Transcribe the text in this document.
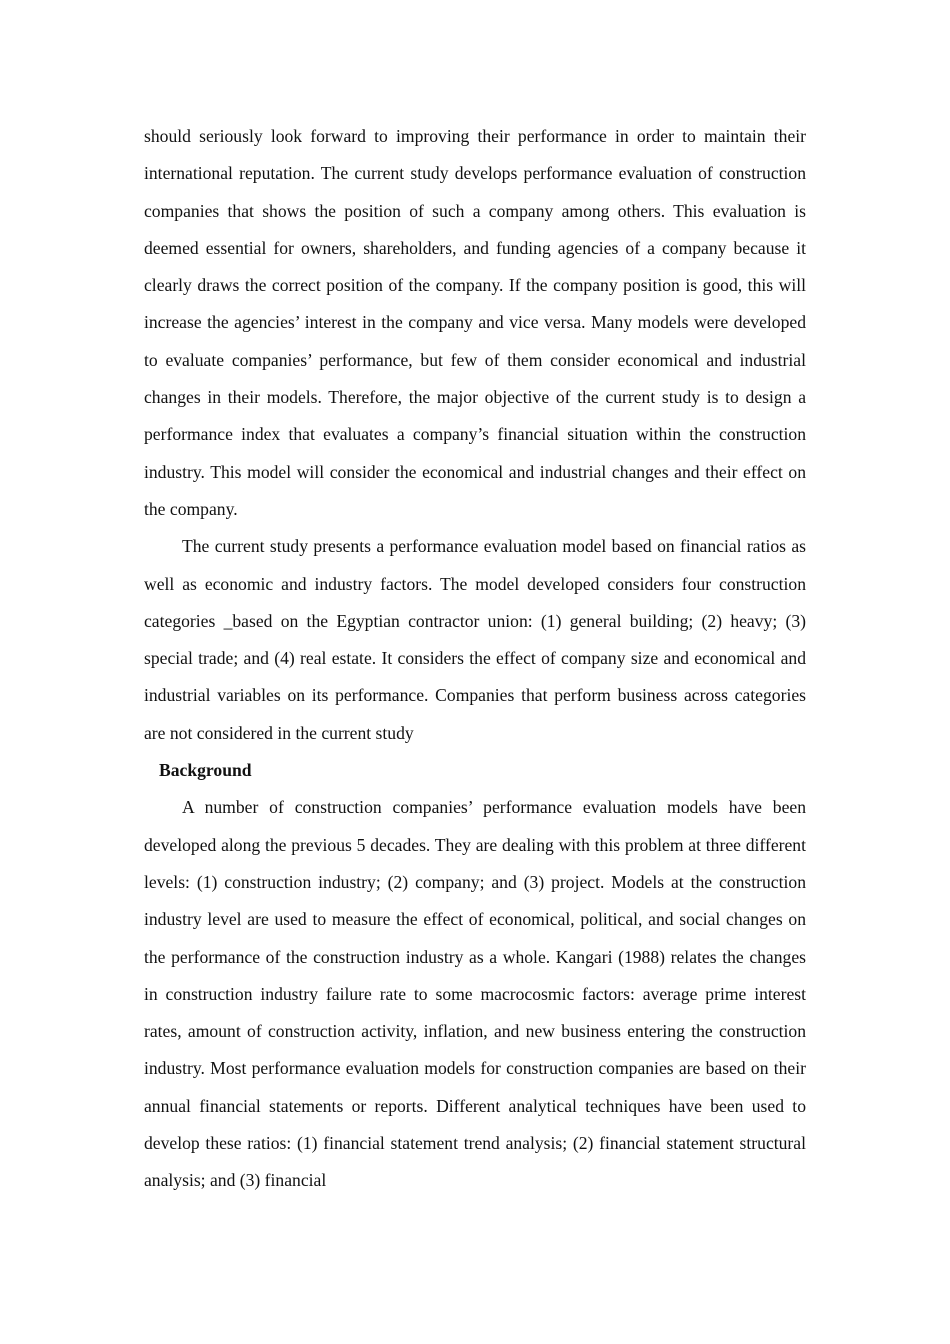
should seriously look forward to improving their performance in order to maintain their international reputation. The current study develops performance evaluation of construction companies that shows the position of such a company among others. This evaluation is deemed essential for owners, shareholders, and funding agencies of a company because it clearly draws the correct position of the company. If the company position is good, this will increase the agencies’ interest in the company and vice versa. Many models were developed to evaluate companies’ performance, but few of them consider economical and industrial changes in their models. Therefore, the major objective of the current study is to design a performance index that evaluates a company’s financial situation within the construction industry. This model will consider the economical and industrial changes and their effect on the company.

The current study presents a performance evaluation model based on financial ratios as well as economic and industry factors. The model developed considers four construction categories _based on the Egyptian contractor union: (1) general building; (2) heavy; (3) special trade; and (4) real estate. It considers the effect of company size and economical and industrial variables on its performance. Companies that perform business across categories are not considered in the current study

Background

A number of construction companies’ performance evaluation models have been developed along the previous 5 decades. They are dealing with this problem at three different levels: (1) construction industry; (2) company; and (3) project. Models at the construction industry level are used to measure the effect of economical, political, and social changes on the performance of the construction industry as a whole. Kangari (1988) relates the changes in construction industry failure rate to some macrocosmic factors: average prime interest rates, amount of construction activity, inflation, and new business entering the construction industry. Most performance evaluation models for construction companies are based on their annual financial statements or reports. Different analytical techniques have been used to develop these ratios: (1) financial statement trend analysis; (2) financial statement structural analysis; and (3) financial
